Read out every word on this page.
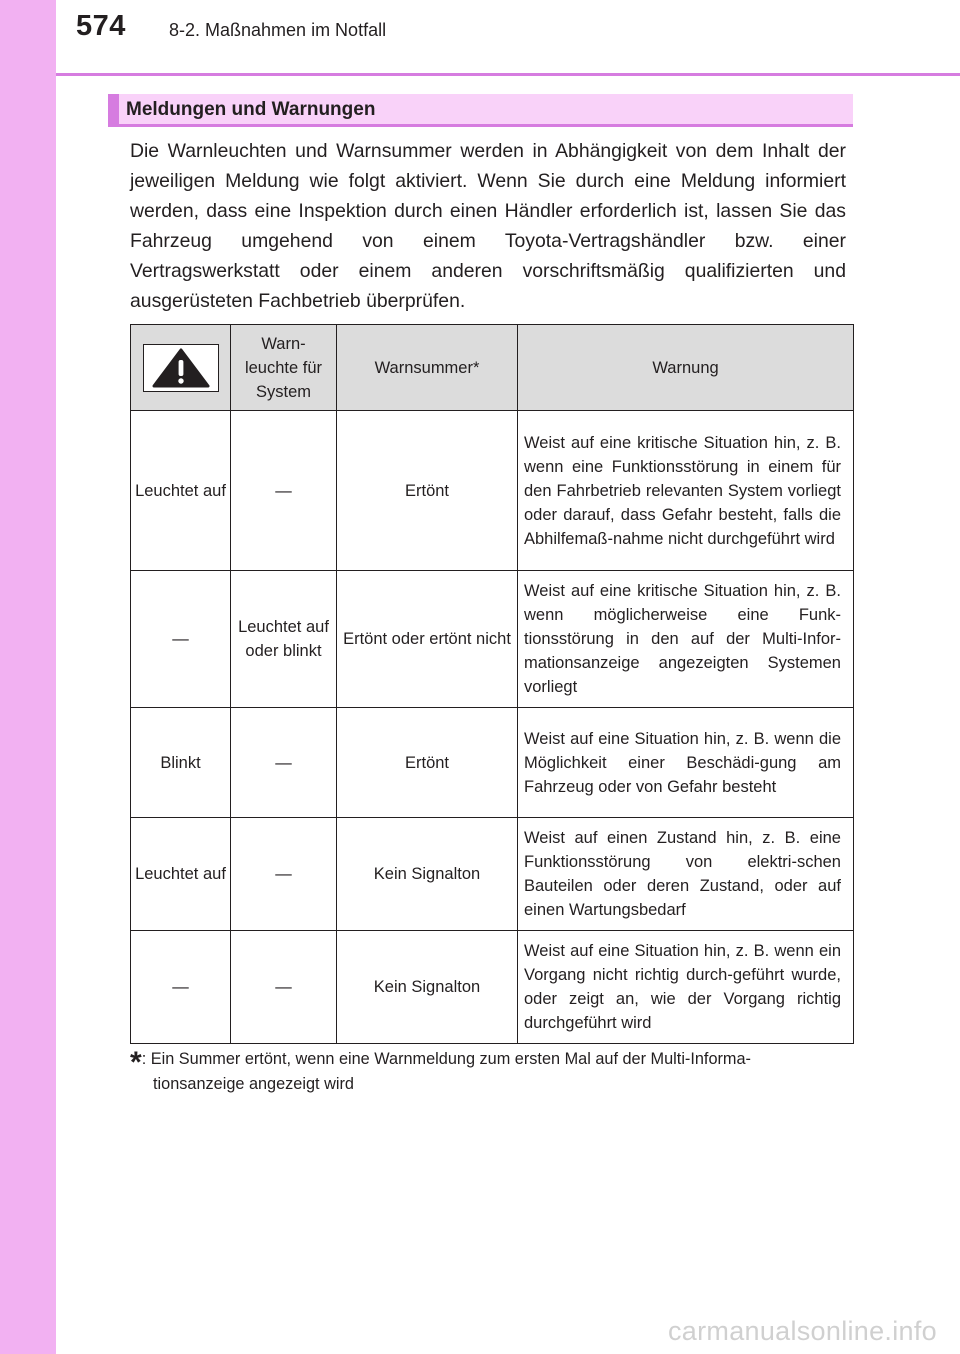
574 8-2. Maßnahmen im Notfall
Meldungen und Warnungen

Die Warnleuchten und Warnsummer werden in Abhängigkeit von dem Inhalt der jeweiligen Meldung wie folgt aktiviert. Wenn Sie durch eine Meldung informiert werden, dass eine Inspektion durch einen Händler erforderlich ist, lassen Sie das Fahrzeug umgehend von einem Toyota-Vertragshändler bzw. einer Vertragswerkstatt oder einem anderen vorschriftsmäßig qualifizierten und ausgerüsteten Fachbetrieb überprüfen.

	Warn-leuchte für System	Warnsummer*	Warnung
Leuchtet auf	—	Ertönt	Weist auf eine kritische Situation hin, z. B. wenn eine Funktionsstörung in einem für den Fahrbetrieb relevanten System vorliegt oder darauf, dass Gefahr besteht, falls die Abhilfemaß-nahme nicht durchgeführt wird
—	Leuchtet auf oder blinkt	Ertönt oder ertönt nicht	Weist auf eine kritische Situation hin, z. B. wenn möglicherweise eine Funk-tionsstörung in den auf der Multi-Infor-mationsanzeige angezeigten Systemen vorliegt
Blinkt	—	Ertönt	Weist auf eine Situation hin, z. B. wenn die Möglichkeit einer Beschädi-gung am Fahrzeug oder von Gefahr besteht
Leuchtet auf	—	Kein Signalton	Weist auf einen Zustand hin, z. B. eine Funktionsstörung von elektri-schen Bauteilen oder deren Zustand, oder auf einen Wartungsbedarf
—	—	Kein Signalton	Weist auf eine Situation hin, z. B. wenn ein Vorgang nicht richtig durch-geführt wurde, oder zeigt an, wie der Vorgang richtig durchgeführt wird
*: Ein Summer ertönt, wenn eine Warnmeldung zum ersten Mal auf der Multi-Informa-
tionsanzeige angezeigt wird
carmanualsonline.info
